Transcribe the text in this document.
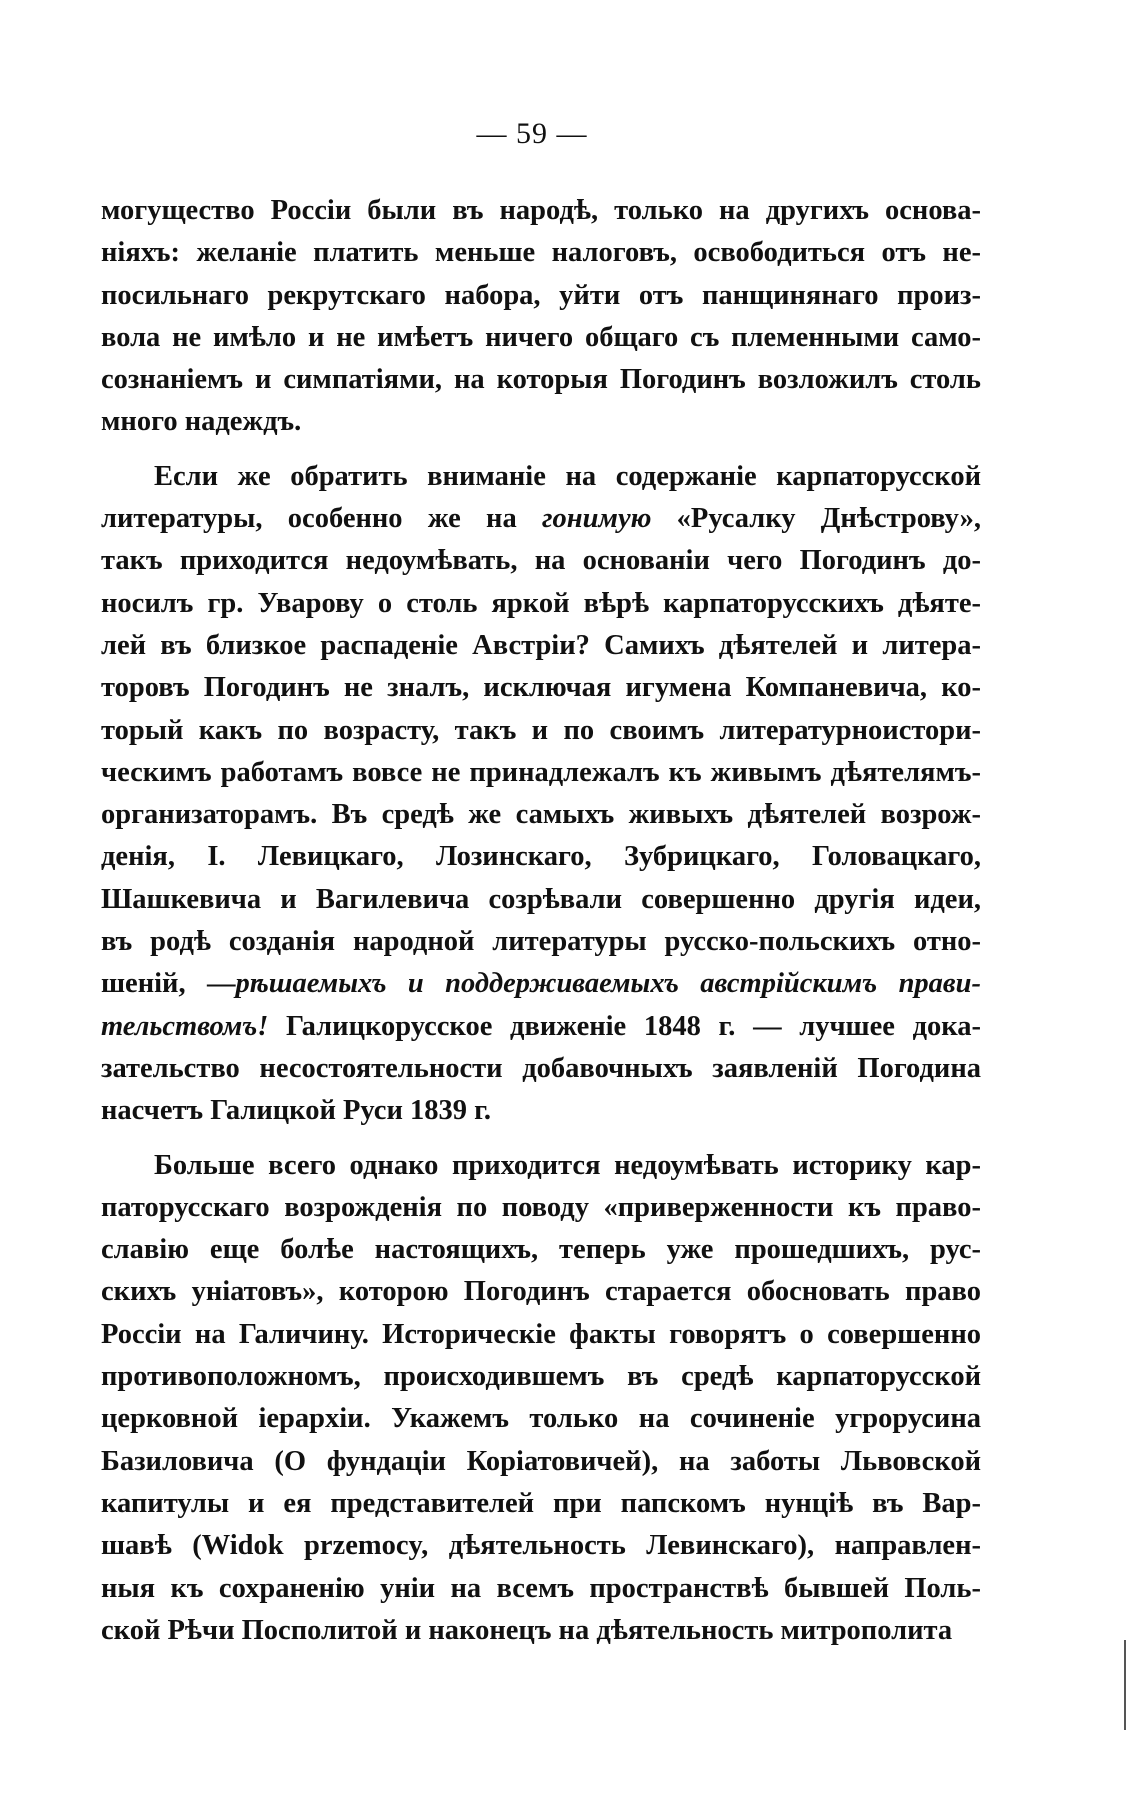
— 59 —
могущество Россіи были въ народѣ, только на другихъ основа-
ніяхъ: желаніе платить меньше налоговъ, освободиться отъ не-
посильнаго рекрутскаго набора, уйти отъ панщинянаго произ-
вола не имѣло и не имѣетъ ничего общаго съ племенными само-
сознаніемъ и симпатіями, на которыя Погодинъ возложилъ столь
много надеждъ.
Если же обратить вниманіе на содержаніе карпаторусской
литературы, особенно же на гонимую «Русалку Днѣстрову»,
такъ приходится недоумѣвать, на основаніи чего Погодинъ до-
носилъ гр. Уварову о столь яркой вѣрѣ карпаторусскихъ дѣяте-
лей въ близкое распаденіе Австріи? Самихъ дѣятелей и литера-
торовъ Погодинъ не зналъ, исключая игумена Компаневича, ко-
торый какъ по возрасту, такъ и по своимъ литературноистори-
ческимъ работамъ вовсе не принадлежалъ къ живымъ дѣятелямъ-
организаторамъ. Въ средѣ же самыхъ живыхъ дѣятелей возрож-
денія, І. Левицкаго, Лозинскаго, Зубрицкаго, Головацкаго,
Шашкевича и Вагилевича созрѣвали совершенно другія идеи,
въ родѣ созданія народной литературы русско-польскихъ отно-
шеній, —рѣшаемыхъ и поддерживаемыхъ австрійскимъ прави-
тельствомъ! Галицкорусское движеніе 1848 г. — лучшее дока-
зательство несостоятельности добавочныхъ заявленій Погодина
насчетъ Галицкой Руси 1839 г.
Больше всего однако приходится недоумѣвать историку кар-
паторусскаго возрожденія по поводу «приверженности къ право-
славію еще болѣе настоящихъ, теперь уже прошедшихъ, рус-
скихъ уніатовъ», которою Погодинъ старается обосновать право
Россіи на Галичину. Историческіе факты говорятъ о совершенно
противоположномъ, происходившемъ въ средѣ карпаторусской
церковной іерархіи. Укажемъ только на сочиненіе угрорусина
Базиловича (О фундаціи Коріатовичей), на заботы Львовской
капитулы и ея представителей при папскомъ нунціѣ въ Вар-
шавѣ (Widok przemocy, дѣятельность Левинскаго), направлен-
ныя къ сохраненію уніи на всемъ пространствѣ бывшей Поль-
ской Рѣчи Посполитой и наконецъ на дѣятельность митрополита
